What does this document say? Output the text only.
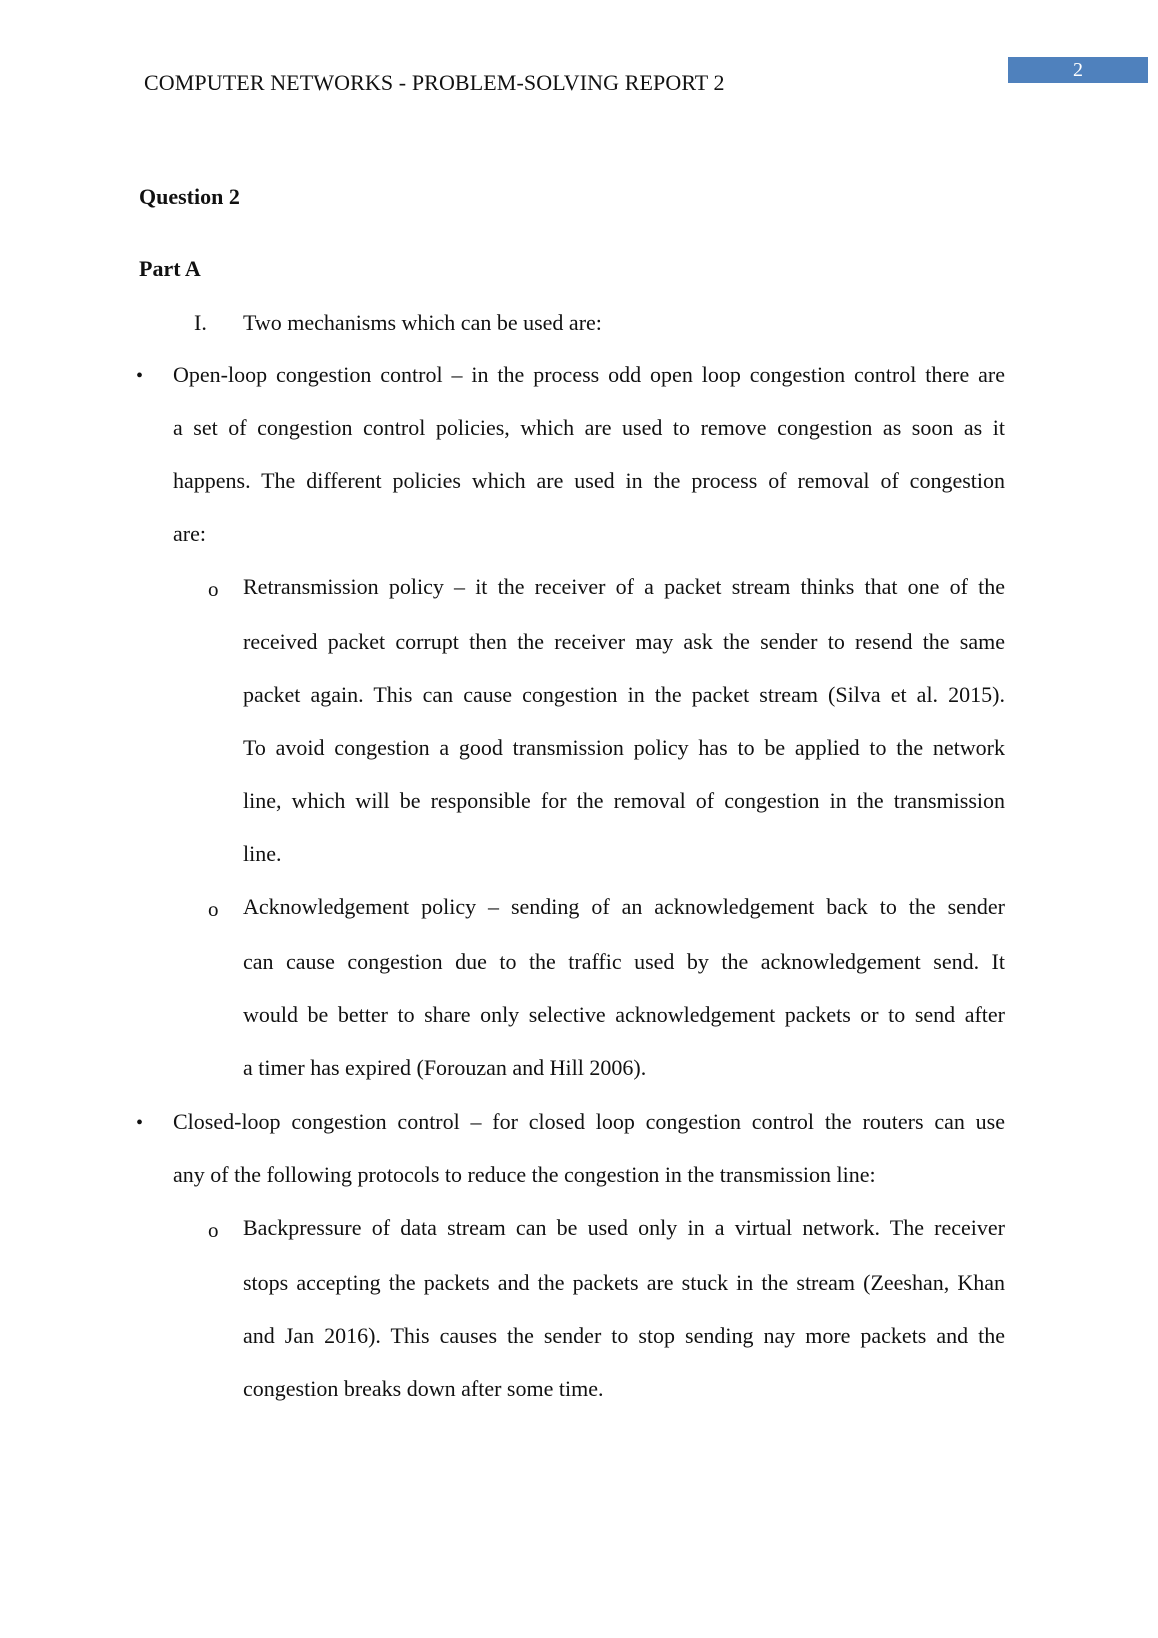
COMPUTER NETWORKS - PROBLEM-SOLVING REPORT 2	2
Question 2
Part A
I. Two mechanisms which can be used are:
• Open-loop congestion control – in the process odd open loop congestion control there are
a set of congestion control policies, which are used to remove congestion as soon as it
happens. The different policies which are used in the process of removal of congestion
are:
o Retransmission policy – it the receiver of a packet stream thinks that one of the
received packet corrupt then the receiver may ask the sender to resend the same
packet again. This can cause congestion in the packet stream (Silva et al. 2015).
To avoid congestion a good transmission policy has to be applied to the network
line, which will be responsible for the removal of congestion in the transmission
line.
o Acknowledgement policy – sending of an acknowledgement back to the sender
can cause congestion due to the traffic used by the acknowledgement send. It
would be better to share only selective acknowledgement packets or to send after
a timer has expired (Forouzan and Hill 2006).
• Closed-loop congestion control – for closed loop congestion control the routers can use
any of the following protocols to reduce the congestion in the transmission line:
o Backpressure of data stream can be used only in a virtual network. The receiver
stops accepting the packets and the packets are stuck in the stream (Zeeshan, Khan
and Jan 2016). This causes the sender to stop sending nay more packets and the
congestion breaks down after some time.
